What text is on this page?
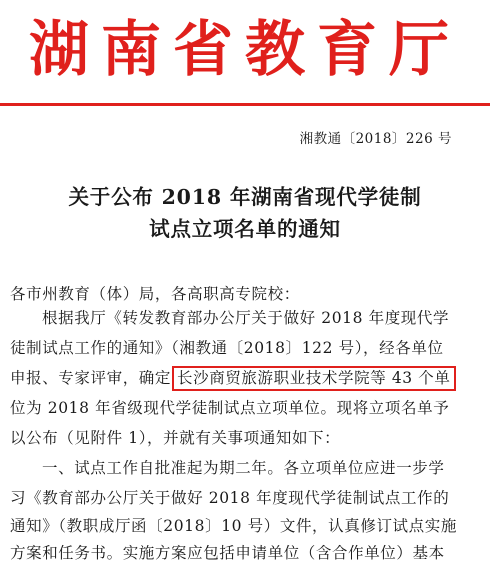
湖南省教育厅
湘教通〔2018〕226 号
关于公布 2018 年湖南省现代学徒制
试点立项名单的通知
各市州教育（体）局，各高职高专院校：
根据我厅《转发教育部办公厅关于做好 2018 年度现代学
徒制试点工作的通知》（湘教通〔2018〕122 号），经各单位
申报、专家评审，确定 长沙商贸旅游职业技术学院等 43 个单
位为 2018 年省级现代学徒制试点立项单位。现将立项名单予
以公布（见附件 1），并就有关事项通知如下：
一、试点工作自批准起为期二年。各立项单位应进一步学
习《教育部办公厅关于做好 2018 年度现代学徒制试点工作的
通知》（教职成厅函〔2018〕10 号）文件，认真修订试点实施
方案和任务书。实施方案应包括申请单位（含合作单位）基本
